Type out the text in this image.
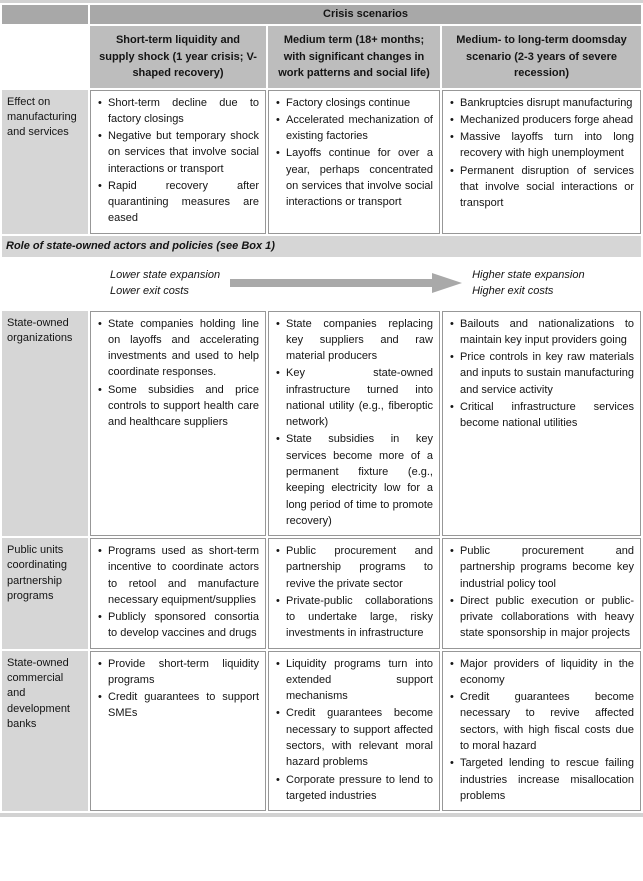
	Crisis scenarios		
	Short-term liquidity and supply shock (1 year crisis; V-shaped recovery)	Medium term (18+ months; with significant changes in work patterns and social life)	Medium- to long-term doomsday scenario (2-3 years of severe recession)
Effect on manufacturing and services	
• Short-term decline due to factory closings
• Negative but temporary shock on services that involve social interactions or transport
• Rapid recovery after quarantining measures are eased

• Factory closings continue
• Accelerated mechanization of existing factories
• Layoffs continue for over a year, perhaps concentrated on services that involve social interactions or transport

• Bankruptcies disrupt manufacturing
• Mechanized producers forge ahead
• Massive layoffs turn into long recovery with high unemployment
• Permanent disruption of services that involve social interactions or transport

Role of state-owned actors and policies (see Box 1)			

Lower state expansion
Lower exit costs
Higher state expansion
Higher exit costs			

State-owned organizations	
• State companies holding line on layoffs and accelerating investments and used to help coordinate responses.
• Some subsidies and price controls to support health care and healthcare suppliers

• State companies replacing key suppliers and raw material producers
• Key state-owned infrastructure turned into national utility (e.g., fiberoptic network)
• State subsidies in key services become more of a permanent fixture (e.g., keeping electricity low for a long period of time to promote recovery)

• Bailouts and nationalizations to maintain key input providers going
• Price controls in key raw materials and inputs to sustain manufacturing and service activity
• Critical infrastructure services become national utilities

Public units coordinating partnership programs	
• Programs used as short-term incentive to coordinate actors to retool and manufacture necessary equipment/supplies
• Publicly sponsored consortia to develop vaccines and drugs

• Public procurement and partnership programs to revive the private sector
• Private-public collaborations to undertake large, risky investments in infrastructure

• Public procurement and partnership programs become key industrial policy tool
• Direct public execution or public-private collaborations with heavy state sponsorship in major projects

State-owned commercial and development banks	
• Provide short-term liquidity programs
• Credit guarantees to support SMEs

• Liquidity programs turn into extended support mechanisms
• Credit guarantees become necessary to support affected sectors, with relevant moral hazard problems
• Corporate pressure to lend to targeted industries

• Major providers of liquidity in the economy
• Credit guarantees become necessary to revive affected sectors, with high fiscal costs due to moral hazard
• Targeted lending to rescue failing industries increase misallocation problems
